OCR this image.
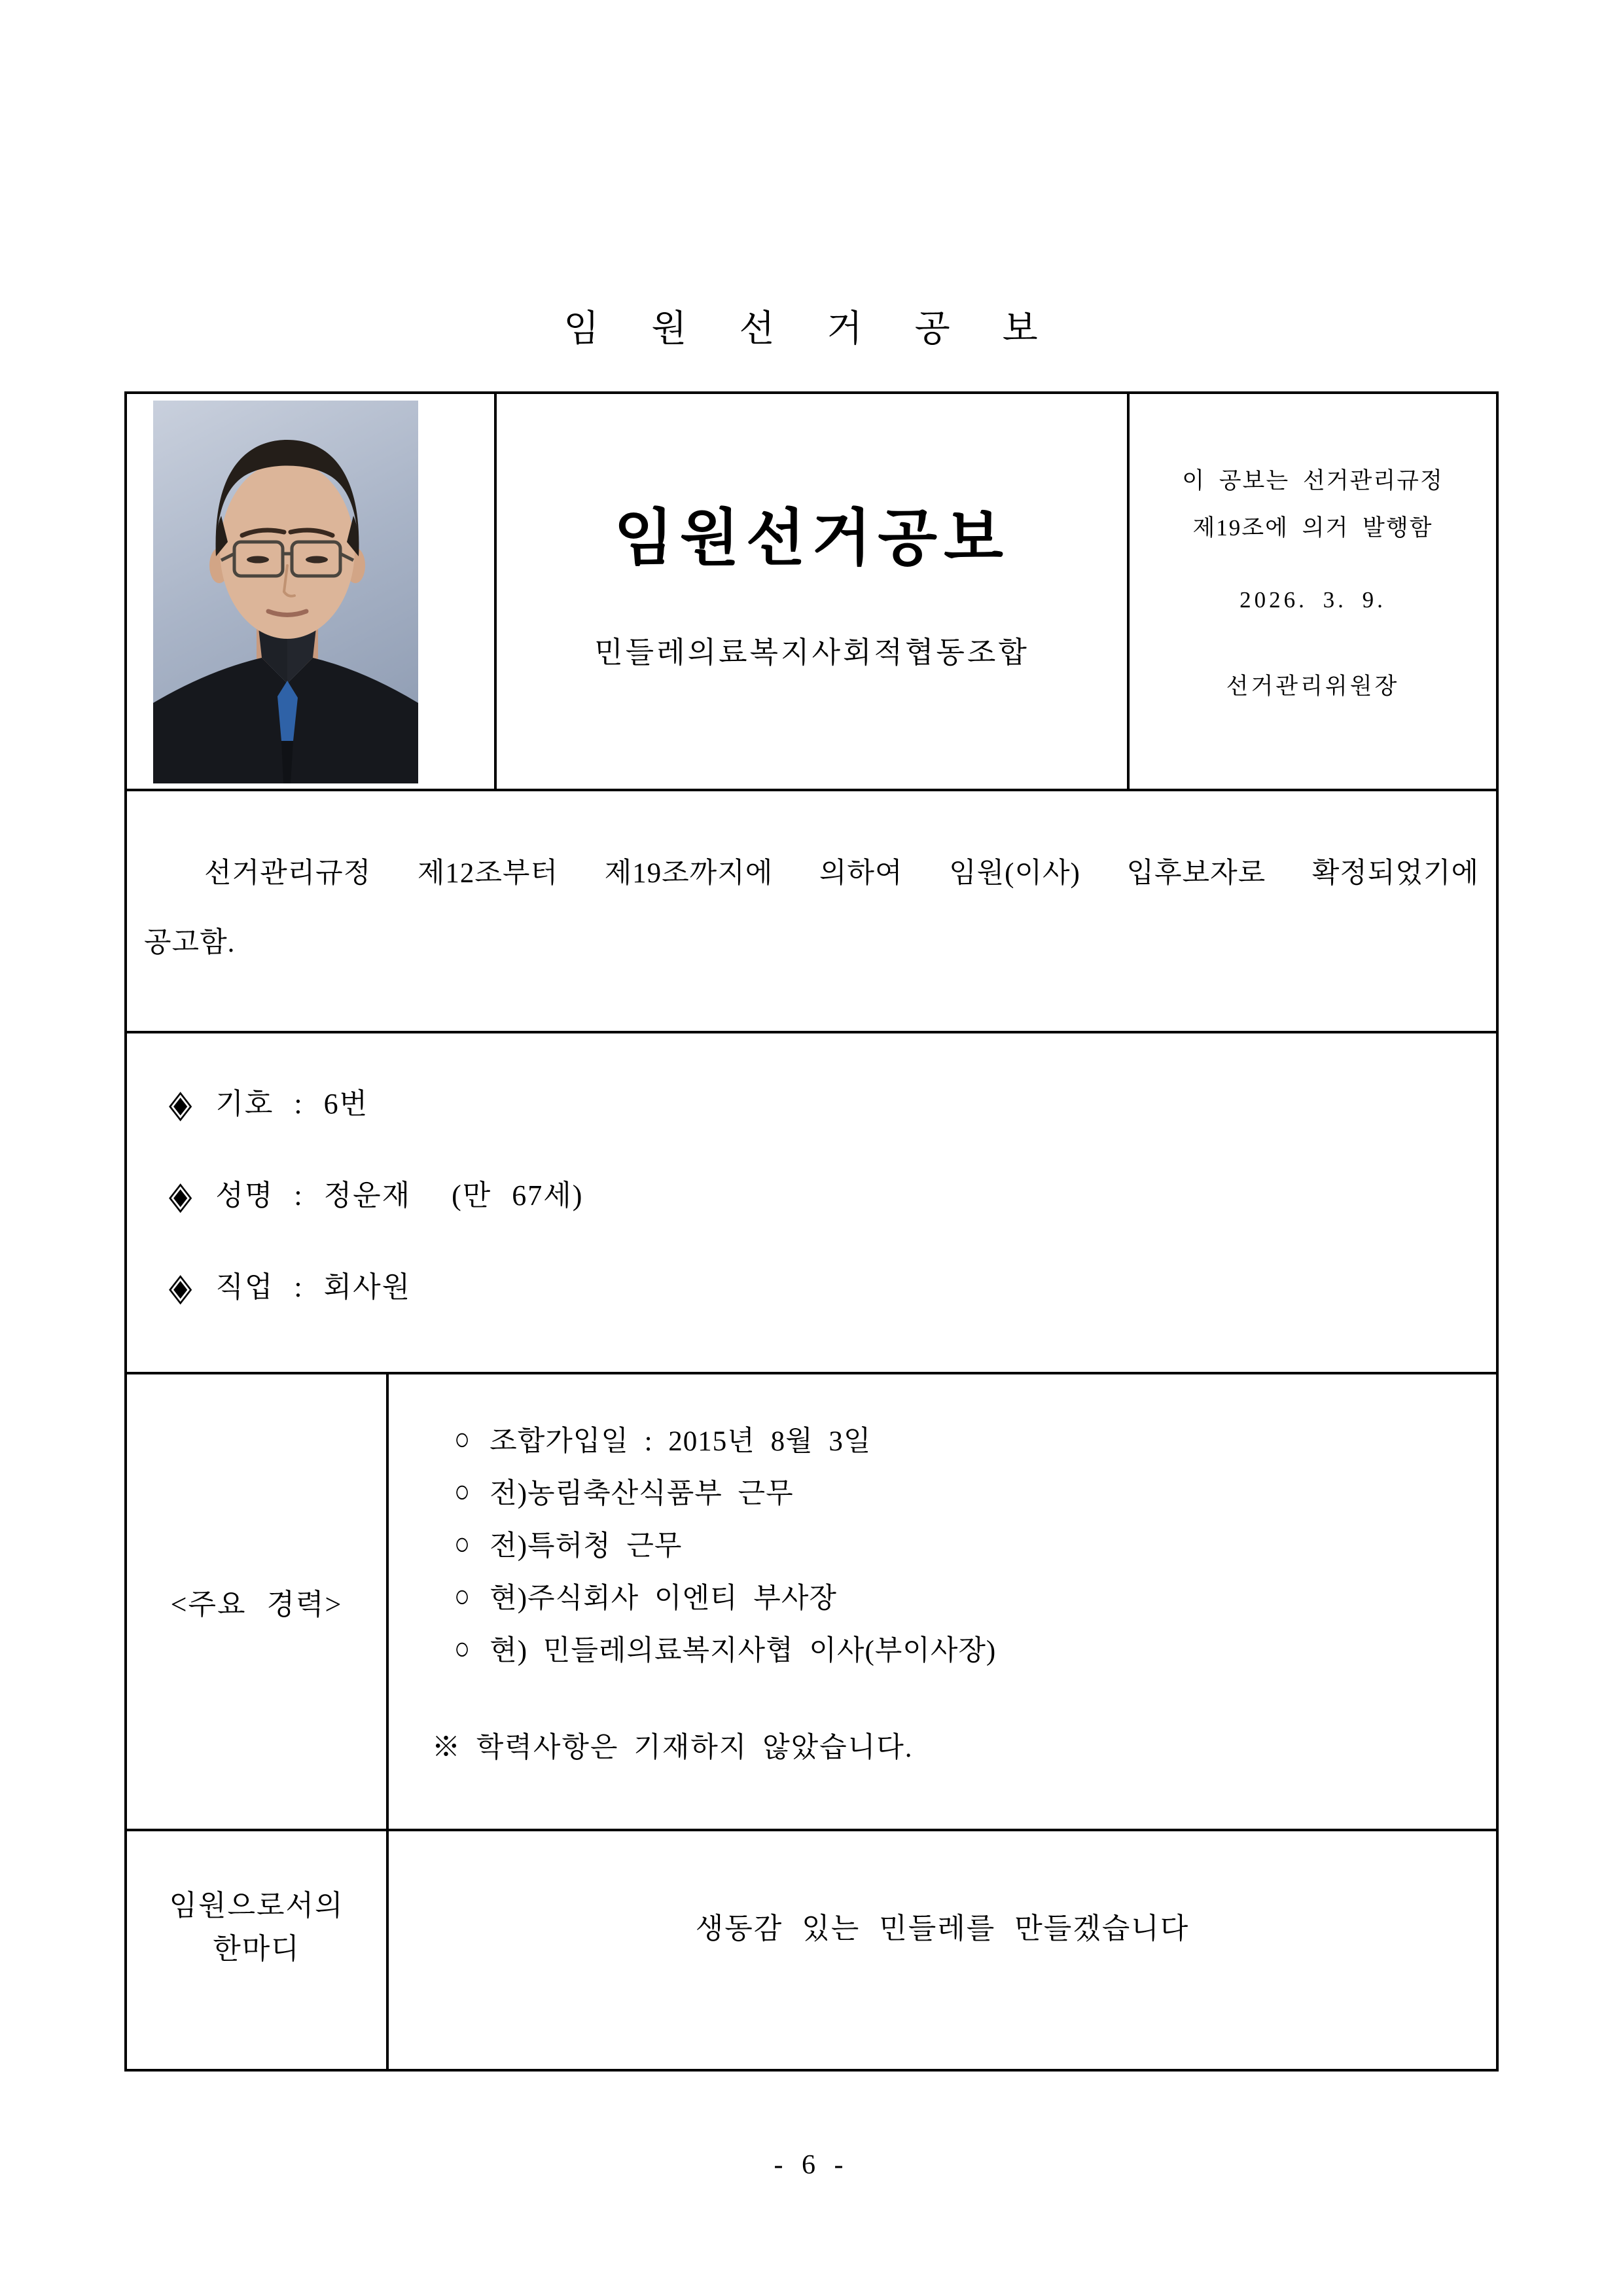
임 원 선 거 공 보
임원선거공보
민들레의료복지사회적협동조합
이 공보는 선거관리규정
제19조에 의거 발행함
2026. 3. 9.
선거관리위원장
선거관리규정 제12조부터 제19조까지에 의하여 임원(이사) 입후보자로 확정되었기에
공고함.
◈ 기호 : 6번
◈ 성명 : 정운재  (만 67세)
◈ 직업 : 회사원
<주요 경력>
○ 조합가입일 : 2015년 8월 3일
○ 전)농림축산식품부 근무
○ 전)특허청 근무
○ 현)주식회사 이엔티 부사장
○ 현) 민들레의료복지사협 이사(부이사장)
※ 학력사항은 기재하지 않았습니다.
임원으로서의
한마디
생동감 있는 민들레를 만들겠습니다
- 6 -
